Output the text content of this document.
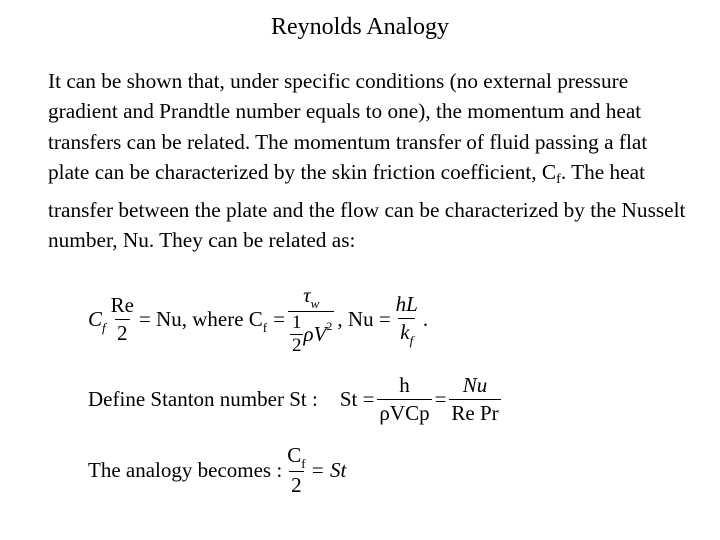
Reynolds Analogy
It can be shown that, under specific conditions (no external pressure gradient and Prandtle number equals to one), the momentum and heat transfers can be related. The momentum transfer of fluid passing a flat plate can be characterized by the skin friction coefficient, $C_f$. The heat transfer between the plate and the flow can be characterized by the Nusselt number, Nu. They can be related as:
$C_f \frac{Re}{2} = Nu$, where $C_f = \frac{\tau_w}{\frac{1}{2} \rho V 2}$ , $Nu = \frac{hL}{k_f}$ .
Define Stanton number St : $St = \frac{h}{\text{ρVCp}} = \frac{Nu}{\text{Re Pr}}$
The analogy becomes : $\frac{C_f}{2} = St$
